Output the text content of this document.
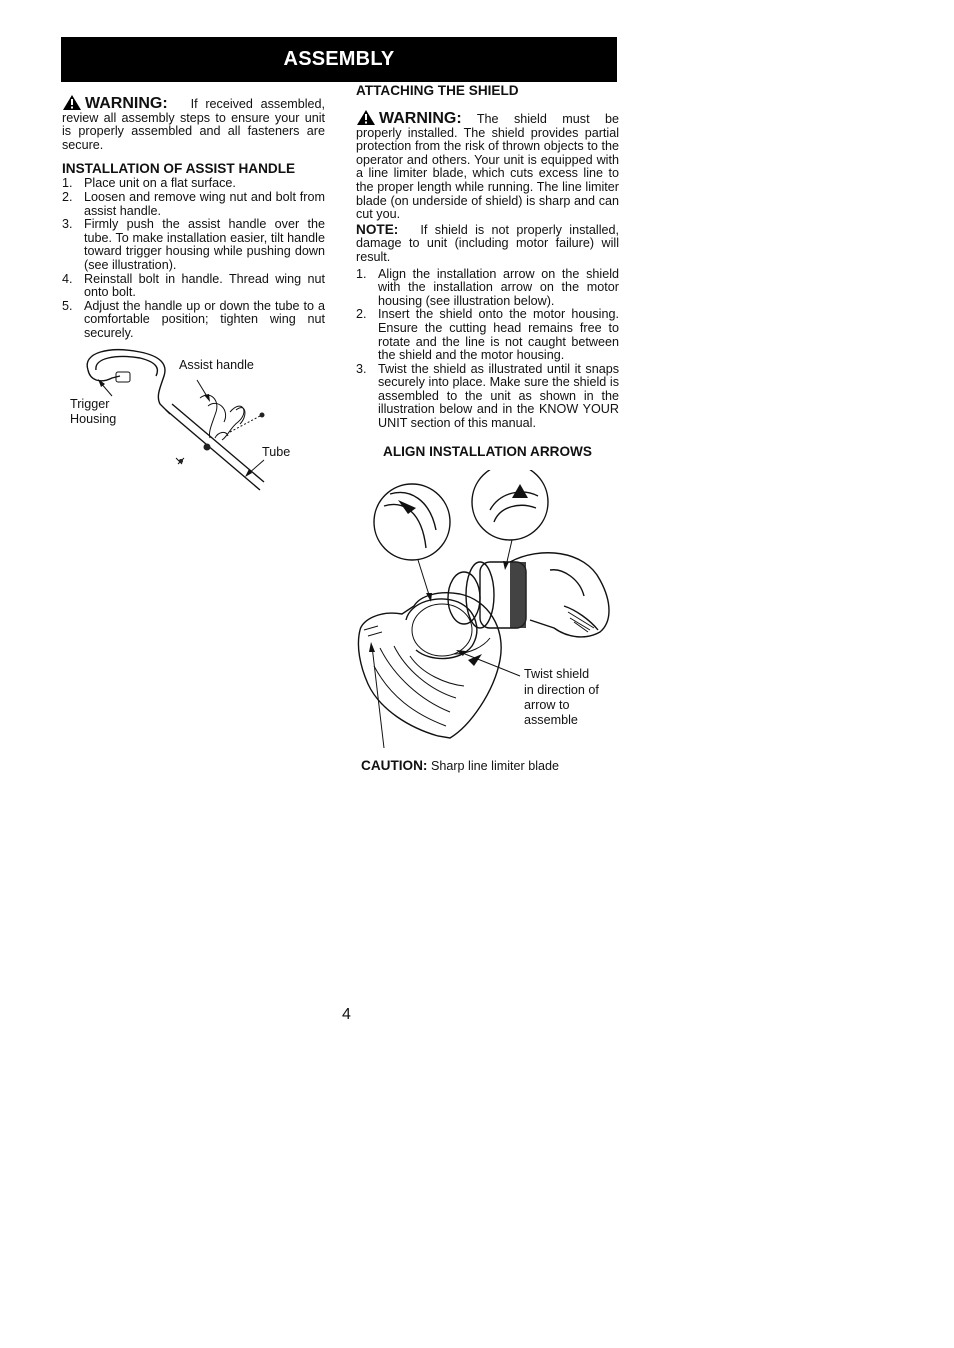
ASSEMBLY
WARNING: If received assembled, review all assembly steps to ensure your unit is properly assembled and all fasteners are secure.
INSTALLATION OF ASSIST HANDLE
1. Place unit on a flat surface.
2. Loosen and remove wing nut and bolt from assist handle.
3. Firmly push the assist handle over the tube. To make installation easier, tilt handle toward trigger housing while pushing down (see illustration).
4. Reinstall bolt in handle. Thread wing nut onto bolt.
5. Adjust the handle up or down the tube to a comfortable position; tighten wing nut securely.
Assist handle
Trigger
Housing
Tube
ATTACHING THE SHIELD
WARNING: The shield must be properly installed. The shield provides partial protection from the risk of thrown objects to the operator and others. Your unit is equipped with a line limiter blade, which cuts excess line to the proper length while running. The line limiter blade (on underside of shield) is sharp and can cut you.
NOTE: If shield is not properly installed, damage to unit (including motor failure) will result.
1. Align the installation arrow on the shield with the installation arrow on the motor housing (see illustration below).
2. Insert the shield onto the motor housing. Ensure the cutting head remains free to rotate and the line is not caught between the shield and the motor housing.
3. Twist the shield as illustrated until it snaps securely into place. Make sure the shield is assembled to the unit as shown in the illustration below and in the KNOW YOUR UNIT section of this manual.
ALIGN INSTALLATION ARROWS
Twist shield
in direction of
arrow to
assemble
CAUTION: Sharp line limiter blade
4
